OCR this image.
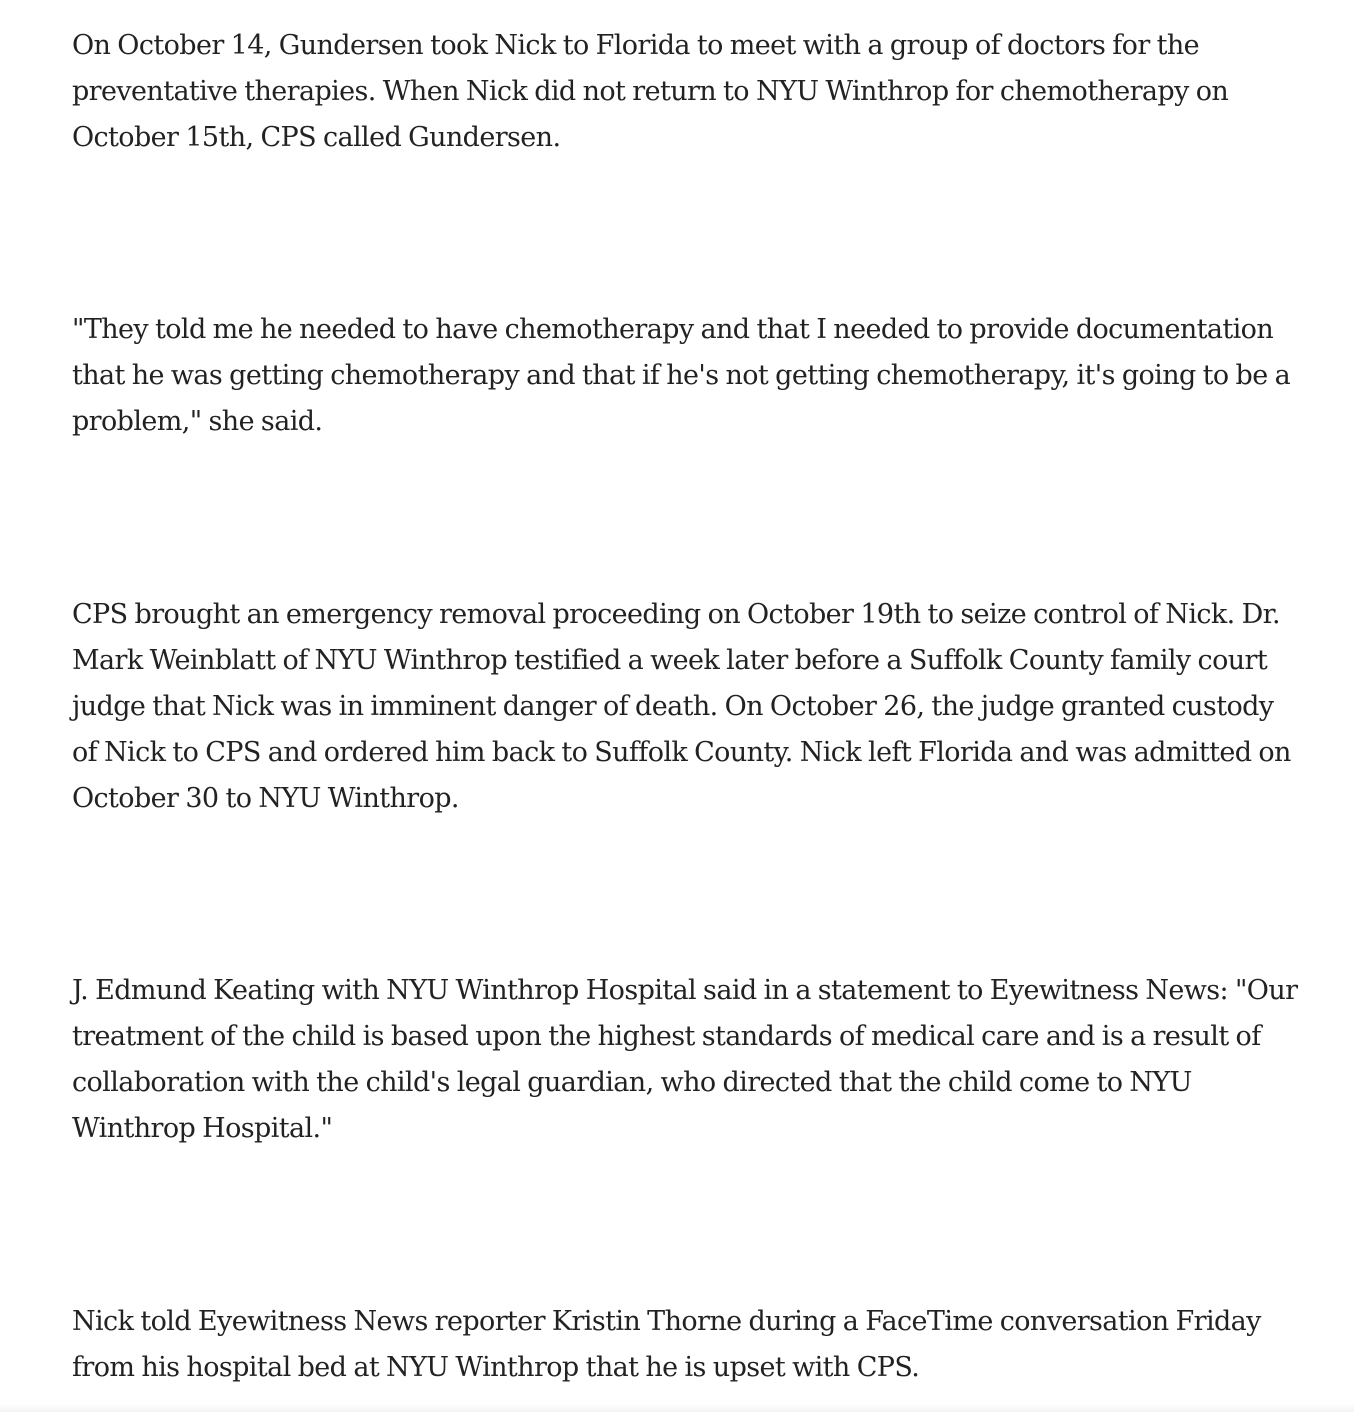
On October 14, Gundersen took Nick to Florida to meet with a group of doctors for the preventative therapies. When Nick did not return to NYU Winthrop for chemotherapy on October 15th, CPS called Gundersen.

"They told me he needed to have chemotherapy and that I needed to provide documentation that he was getting chemotherapy and that if he's not getting chemotherapy, it's going to be a problem," she said.

CPS brought an emergency removal proceeding on October 19th to seize control of Nick. Dr. Mark Weinblatt of NYU Winthrop testified a week later before a Suffolk County family court judge that Nick was in imminent danger of death. On October 26, the judge granted custody of Nick to CPS and ordered him back to Suffolk County. Nick left Florida and was admitted on October 30 to NYU Winthrop.

J. Edmund Keating with NYU Winthrop Hospital said in a statement to Eyewitness News: "Our treatment of the child is based upon the highest standards of medical care and is a result of collaboration with the child's legal guardian, who directed that the child come to NYU Winthrop Hospital."

Nick told Eyewitness News reporter Kristin Thorne during a FaceTime conversation Friday from his hospital bed at NYU Winthrop that he is upset with CPS.
